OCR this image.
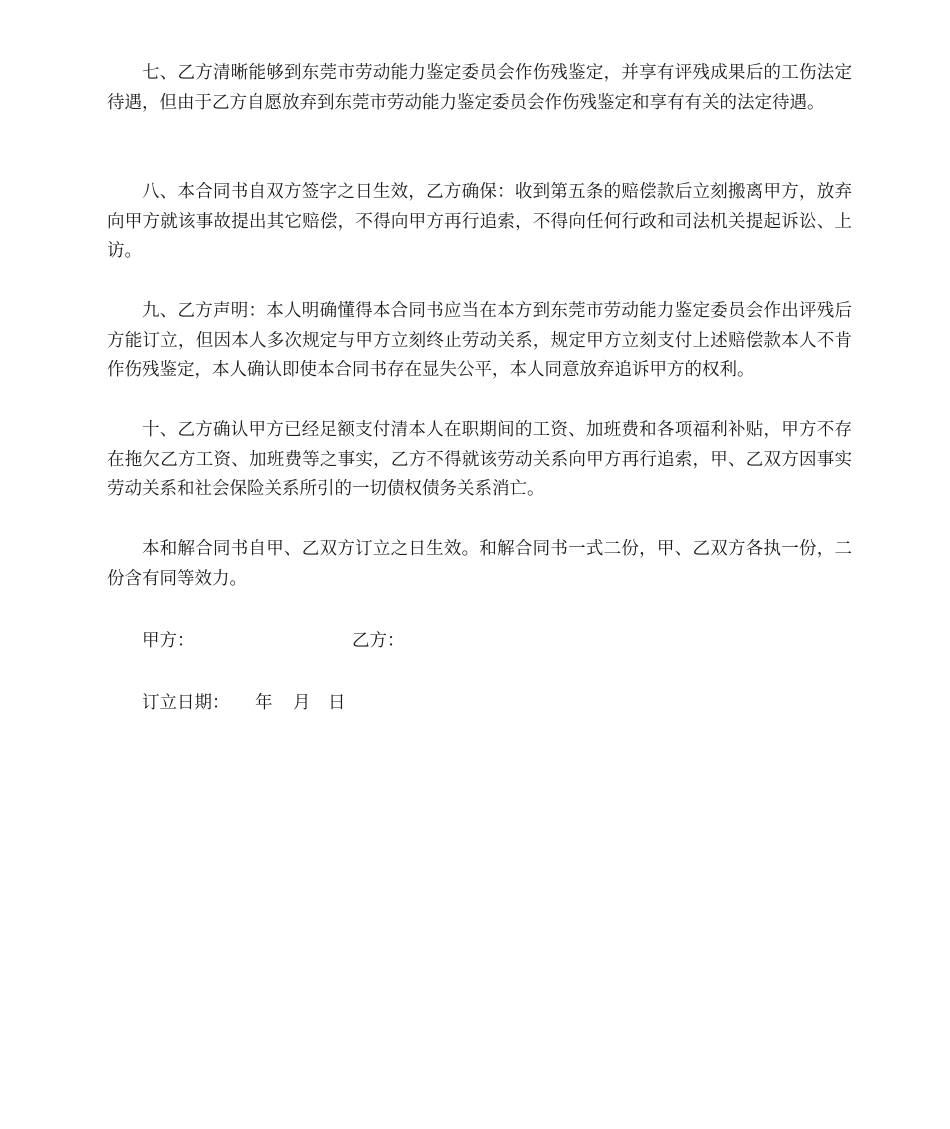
七、乙方清晰能够到东莞市劳动能力鉴定委员会作伤残鉴定，并享有评残成果后的工伤法定待遇，但由于乙方自愿放弃到东莞市劳动能力鉴定委员会作伤残鉴定和享有有关的法定待遇。

八、本合同书自双方签字之日生效，乙方确保：收到第五条的赔偿款后立刻搬离甲方，放弃向甲方就该事故提出其它赔偿，不得向甲方再行追索，不得向任何行政和司法机关提起诉讼、上访。

九、乙方声明：本人明确懂得本合同书应当在本方到东莞市劳动能力鉴定委员会作出评残后方能订立，但因本人多次规定与甲方立刻终止劳动关系，规定甲方立刻支付上述赔偿款本人不肯作伤残鉴定，本人确认即使本合同书存在显失公平，本人同意放弃追诉甲方的权利。

十、乙方确认甲方已经足额支付清本人在职期间的工资、加班费和各项福利补贴，甲方不存在拖欠乙方工资、加班费等之事实，乙方不得就该劳动关系向甲方再行追索，甲、乙双方因事实劳动关系和社会保险关系所引的一切债权债务关系消亡。

本和解合同书自甲、乙双方订立之日生效。和解合同书一式二份，甲、乙双方各执一份，二份含有同等效力。

甲方：	乙方：
订立日期： 年 月 日
